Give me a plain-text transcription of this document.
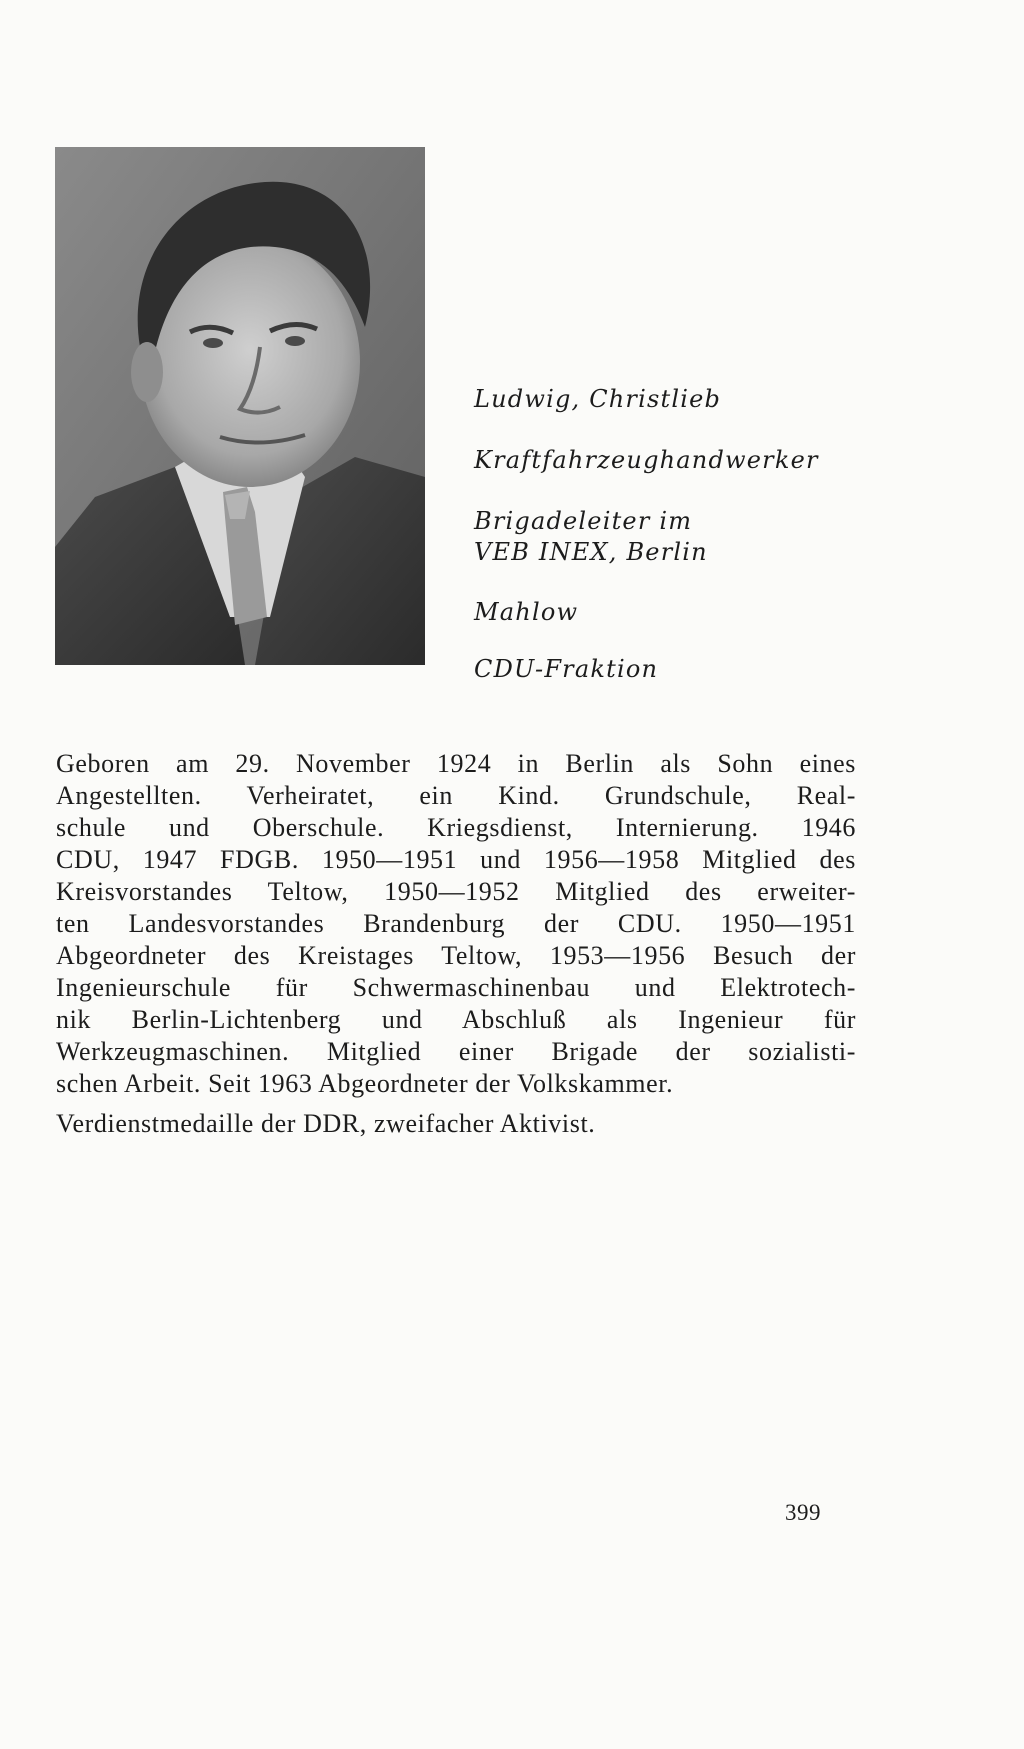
Ludwig, Christlieb
Kraftfahrzeughandwerker
Brigadeleiter im
VEB INEX, Berlin
Mahlow
CDU-Fraktion
Geboren am 29. November 1924 in Berlin als Sohn eines
Angestellten. Verheiratet, ein Kind. Grundschule, Real-
schule und Oberschule. Kriegsdienst, Internierung. 1946
CDU, 1947 FDGB. 1950—1951 und 1956—1958 Mitglied des
Kreisvorstandes Teltow, 1950—1952 Mitglied des erweiter-
ten Landesvorstandes Brandenburg der CDU. 1950—1951
Abgeordneter des Kreistages Teltow, 1953—1956 Besuch der
Ingenieurschule für Schwermaschinenbau und Elektrotech-
nik Berlin-Lichtenberg und Abschluß als Ingenieur für
Werkzeugmaschinen. Mitglied einer Brigade der sozialisti-
schen Arbeit. Seit 1963 Abgeordneter der Volkskammer.
Verdienstmedaille der DDR, zweifacher Aktivist.
399
